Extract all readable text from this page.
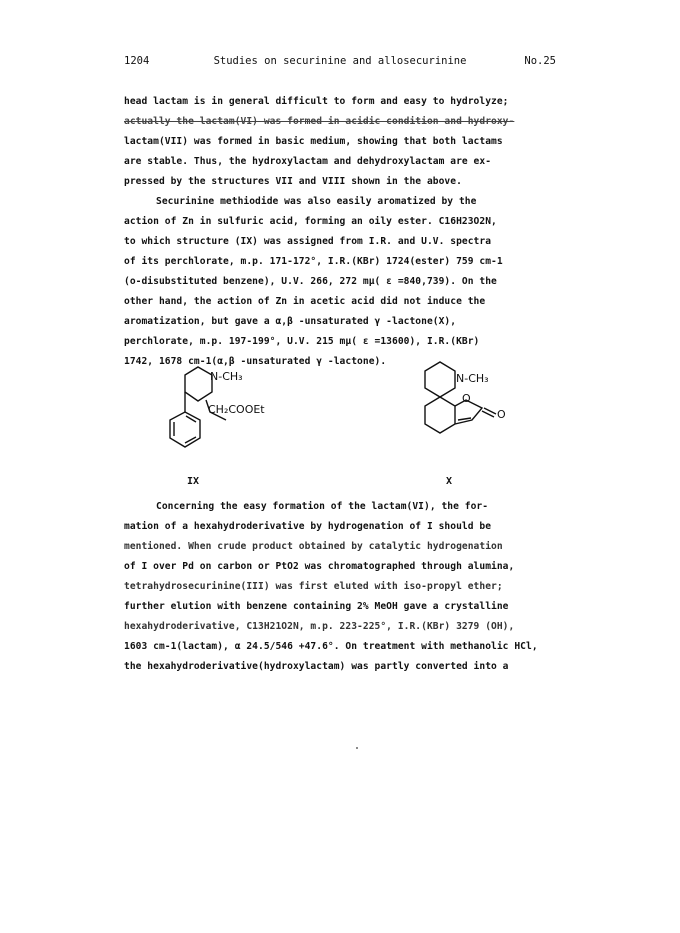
1204	Studies on securinine and allosecurinine	No.25
head lactam is in general difficult to form and easy to hydrolyze;
actually the lactam(VI) was formed in acidic condition and hydroxy-
lactam(VII) was formed in basic medium, showing that both lactams
are stable. Thus, the hydroxylactam and dehydroxylactam are ex-
pressed by the structures VII and VIII shown in the above.
Securinine methiodide was also easily aromatized by the
action of Zn in sulfuric acid, forming an oily ester. C16H23O2N,
to which structure (IX) was assigned from I.R. and U.V. spectra
of its perchlorate, m.p. 171-172°, I.R.(KBr) 1724(ester) 759 cm-1
(o-disubstituted benzene), U.V. 266, 272 mμ( ε =840,739). On the
other hand, the action of Zn in acetic acid did not induce the
aromatization, but gave a α,β -unsaturated γ -lactone(X),
perchlorate, m.p. 197-199°, U.V. 215 mμ( ε =13600), I.R.(KBr)
1742, 1678 cm-1(α,β -unsaturated γ -lactone).
N-CH₃
CH₂COOEt
IX
N-CH₃
O
O
X
Concerning the easy formation of the lactam(VI), the for-
mation of a hexahydroderivative by hydrogenation of I should be
mentioned. When crude product obtained by catalytic hydrogenation
of I over Pd on carbon or PtO2 was chromatographed through alumina,
tetrahydrosecurinine(III) was first eluted with iso-propyl ether;
further elution with benzene containing 2% MeOH gave a crystalline
hexahydroderivative, C13H21O2N, m.p. 223-225°, I.R.(KBr) 3279 (OH),
1603 cm-1(lactam), α 24.5/546 +47.6°. On treatment with methanolic HCl,
the hexahydroderivative(hydroxylactam) was partly converted into a
